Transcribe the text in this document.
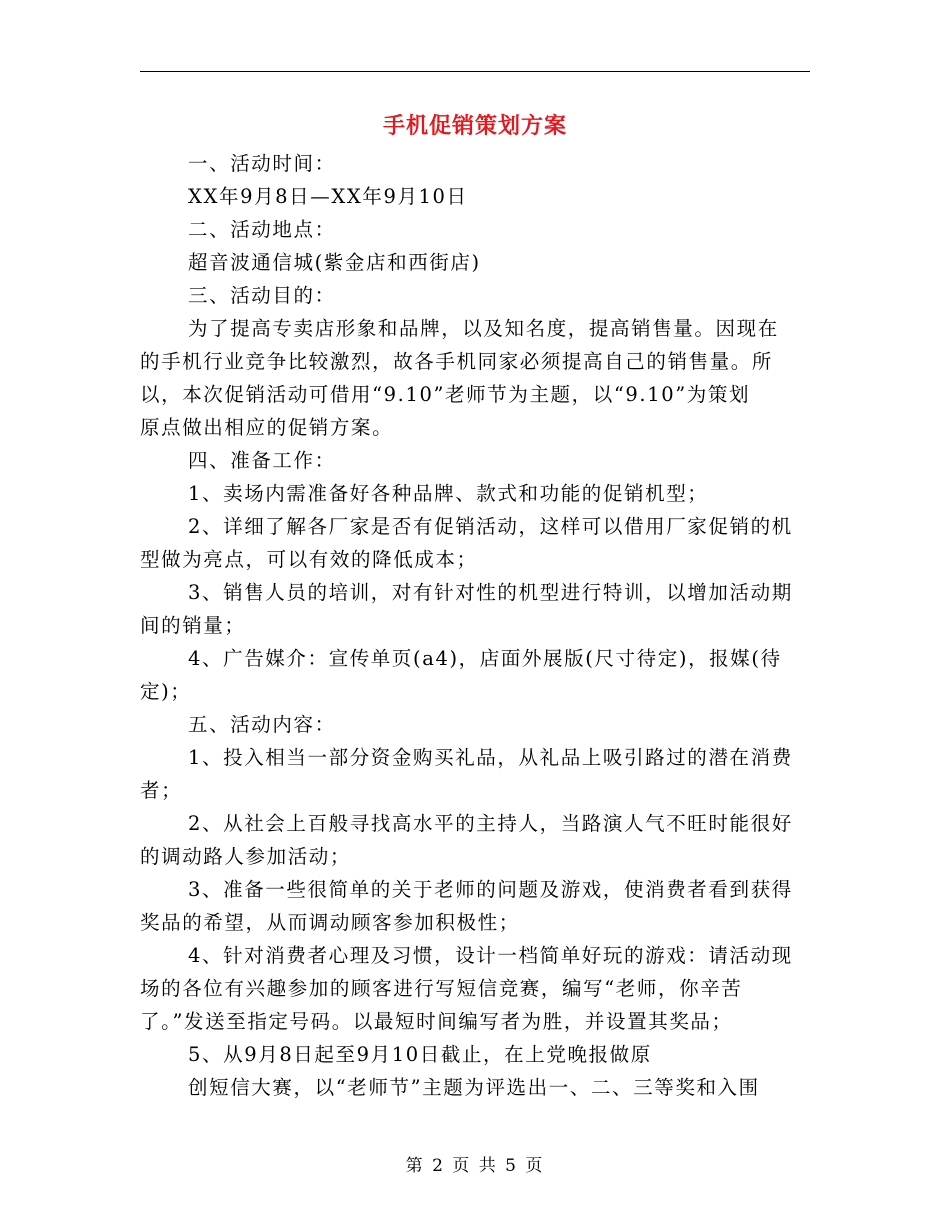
手机促销策划方案
一、活动时间：
XX年9月8日—XX年9月10日
二、活动地点：
超音波通信城(紫金店和西街店)
三、活动目的：
为了提高专卖店形象和品牌，以及知名度，提高销售量。因现在
的手机行业竞争比较激烈，故各手机同家必须提高自己的销售量。所
以，本次促销活动可借用“9.10”老师节为主题，以“9.10”为策划
原点做出相应的促销方案。
四、准备工作：
1、卖场内需准备好各种品牌、款式和功能的促销机型；
2、详细了解各厂家是否有促销活动，这样可以借用厂家促销的机
型做为亮点，可以有效的降低成本；
3、销售人员的培训，对有针对性的机型进行特训，以增加活动期
间的销量；
4、广告媒介：宣传单页(a4)，店面外展版(尺寸待定)，报媒(待
定)；
五、活动内容：
1、投入相当一部分资金购买礼品，从礼品上吸引路过的潜在消费
者；
2、从社会上百般寻找高水平的主持人，当路演人气不旺时能很好
的调动路人参加活动；
3、准备一些很简单的关于老师的问题及游戏，使消费者看到获得
奖品的希望，从而调动顾客参加积极性；
4、针对消费者心理及习惯，设计一档简单好玩的游戏：请活动现
场的各位有兴趣参加的顾客进行写短信竞赛，编写“老师，你辛苦
了。”发送至指定号码。以最短时间编写者为胜，并设置其奖品；
5、从9月8日起至9月10日截止，在上党晚报做原
创短信大赛，以“老师节”主题为评选出一、二、三等奖和入围
第 2 页 共 5 页
